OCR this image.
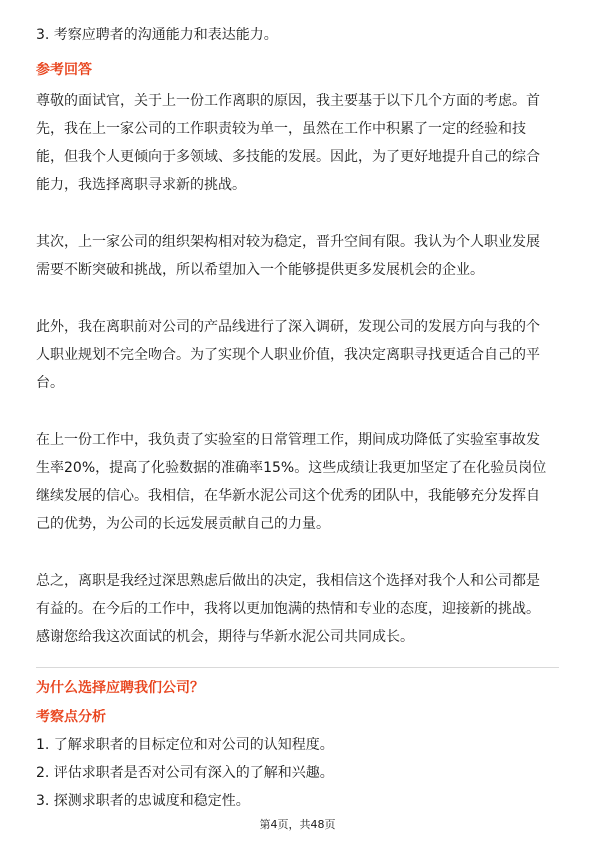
3. 考察应聘者的沟通能力和表达能力。
参考回答
尊敬的面试官，关于上一份工作离职的原因，我主要基于以下几个方面的考虑。首
先，我在上一家公司的工作职责较为单一，虽然在工作中积累了一定的经验和技
能，但我个人更倾向于多领域、多技能的发展。因此，为了更好地提升自己的综合
能力，我选择离职寻求新的挑战。
其次，上一家公司的组织架构相对较为稳定，晋升空间有限。我认为个人职业发展
需要不断突破和挑战，所以希望加入一个能够提供更多发展机会的企业。
此外，我在离职前对公司的产品线进行了深入调研，发现公司的发展方向与我的个
人职业规划不完全吻合。为了实现个人职业价值，我决定离职寻找更适合自己的平
台。
在上一份工作中，我负责了实验室的日常管理工作，期间成功降低了实验室事故发
生率20%，提高了化验数据的准确率15%。这些成绩让我更加坚定了在化验员岗位
继续发展的信心。我相信，在华新水泥公司这个优秀的团队中，我能够充分发挥自
己的优势，为公司的长远发展贡献自己的力量。
总之，离职是我经过深思熟虑后做出的决定，我相信这个选择对我个人和公司都是
有益的。在今后的工作中，我将以更加饱满的热情和专业的态度，迎接新的挑战。
感谢您给我这次面试的机会，期待与华新水泥公司共同成长。
为什么选择应聘我们公司？
考察点分析
1. 了解求职者的目标定位和对公司的认知程度。
2. 评估求职者是否对公司有深入的了解和兴趣。
3. 探测求职者的忠诚度和稳定性。
第4页，共48页
